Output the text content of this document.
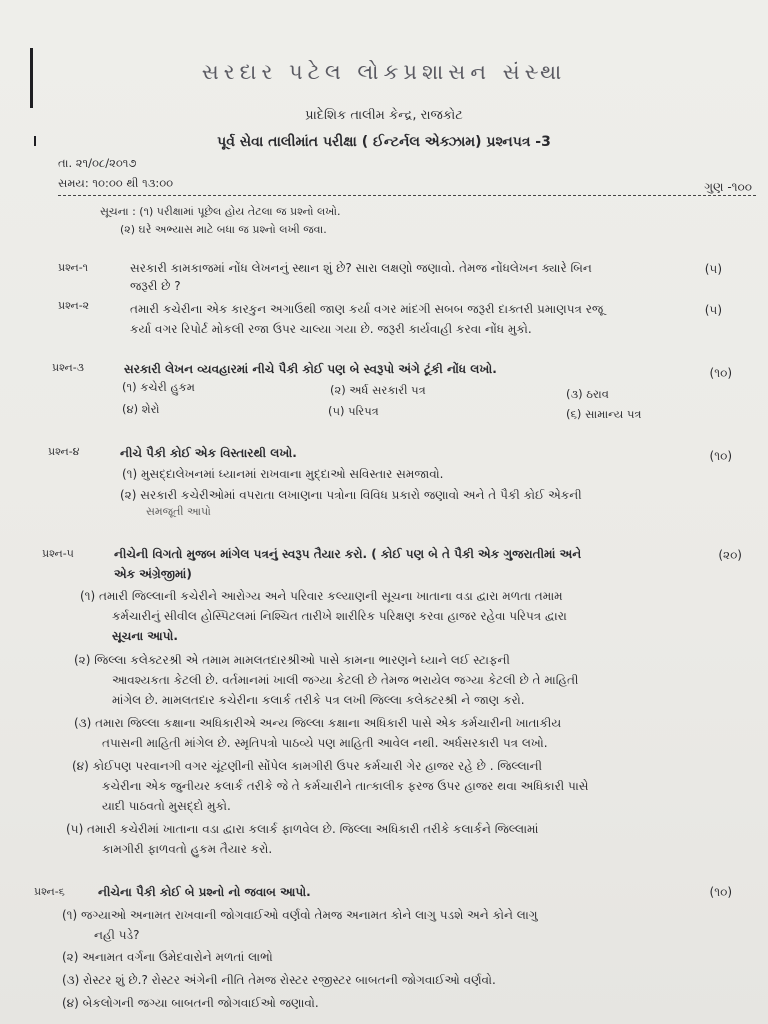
સરદાર પટેલ લોકપ્રશાસન સંસ્થા
પ્રાદેશિક તાલીમ કેન્દ્ર, રાજકોટ
પૂર્વ સેવા તાલીમાંત પરીક્ષા ( ઈન્ટર્નલ એક્ઝામ) પ્રશ્નપત્ર -3
તા. ૨૧/૦૮/૨૦૧૭
સમય: ૧૦:૦૦ થી ૧૩:૦૦	ગુણ -૧૦૦
સૂચના : (૧) પરીક્ષામાં પૂછેલ હોય તેટલા જ પ્રશ્નો લખો.
(૨) ઘરે અભ્યાસ માટે બધા જ પ્રશ્નો લખી જવા.
પ્રશ્ન-૧	સરકારી કામકાજમાં નોંધ લેખનનું સ્થાન શું છે? સારા લક્ષણો જણાવો. તેમજ નોંધલેખન ક્યારે બિન
જરૂરી છે ?
(૫)
પ્રશ્ન-૨	તમારી કચેરીના એક કારકુન અગાઉથી જાણ કર્યા વગર માંદગી સબબ જરૂરી દાક્તરી પ્રમાણપત્ર રજૂ
કર્યા વગર રિપોર્ટ મોકલી રજા ઉપર ચાલ્યા ગયા છે. જરૂરી કાર્યવાહી કરવા નોંધ મુકો.
(૫)
પ્રશ્ન-૩	સરકારી લેખન વ્યવહારમાં નીચે પૈકી કોઈ પણ બે સ્વરૂપો અંગે ટૂંકી નોંધ લખો.	(૧૦)
(૧) કચેરી હુકમ	(૨) અર્ધ સરકારી પત્ર	(૩) ઠરાવ
(૪) શેરો	(૫) પરિપત્ર	(૬) સામાન્ય પત્ર
પ્રશ્ન-૪	નીચે પૈકી કોઈ એક વિસ્તારથી લખો.	(૧૦)
(૧) મુસદ્દાલેખનમાં ધ્યાનમાં રાખવાના મુદ્દાઓ સવિસ્તાર સમજાવો.
(૨) સરકારી કચેરીઓમાં વપરાતા લખાણના પત્રોના વિવિધ પ્રકારો જણાવો અને તે પૈકી કોઈ એકની
સમજૂતી આપો
પ્રશ્ન-૫	નીચેની વિગતો મુજબ માંગેલ પત્રનું સ્વરૂપ તૈયાર કરો. ( કોઈ પણ બે તે પૈકી એક ગુજરાતીમાં અને
એક અંગ્રેજીમાં)
(૨૦)
(૧) તમારી જિલ્લાની કચેરીને આરોગ્ય અને પરિવાર કલ્યાણની સૂચના ખાતાના વડા દ્વારા મળતા તમામ
કર્મચારીનું સીવીલ હોસ્પિટલમાં નિશ્ચિત તારીખે શારીરિક પરિક્ષણ કરવા હાજર રહેવા પરિપત્ર દ્વારા
સૂચના આપો.
(૨) જિલ્લા કલેક્ટરશ્રી એ તમામ મામલતદારશ્રીઓ પાસે કામના ભારણને ધ્યાને લઈ સ્ટાફની
આવશ્યકતા કેટલી છે. વર્તમાનમાં ખાલી જગ્યા કેટલી છે તેમજ ભરાયેલ જગ્યા કેટલી છે તે માહિતી
માંગેલ છે. મામલતદાર કચેરીના કલાર્ક તરીકે પત્ર લખી જિલ્લા કલેક્ટરશ્રી ને જાણ કરો.
(૩) તમારા જિલ્લા કક્ષાના અધિકારીએ અન્ય જિલ્લા કક્ષાના અધિકારી પાસે એક કર્મચારીની ખાતાકીય
તપાસની માહિતી માંગેલ છે. સ્મૃતિપત્રો પાઠવ્યે પણ માહિતી આવેલ નથી. અર્ધસરકારી પત્ર લખો.
(૪) કોઈપણ પરવાનગી વગર ચૂંટણીની સોંપેલ કામગીરી ઉપર કર્મચારી ગેર હાજર રહે છે . જિલ્લાની
કચેરીના એક જુનીયર કલાર્ક તરીકે જે તે કર્મચારીને તાત્કાલીક ફરજ ઉપર હાજર થવા અધિકારી પાસે
યાદી પાઠવતો મુસદ્દો મુકો.
(૫) તમારી કચેરીમાં ખાતાના વડા દ્વારા કલાર્ક ફાળવેલ છે. જિલ્લા અધિકારી તરીકે કલાર્કને જિલ્લામાં
કામગીરી ફાળવતો હુકમ તૈયાર કરો.
પ્રશ્ન-૬	નીચેના પૈકી કોઈ બે પ્રશ્નો નો જવાબ આપો.	(૧૦)
(૧) જગ્યાઓ અનામત રાખવાની જોગવાઈઓ વર્ણવો તેમજ અનામત કોને લાગુ પડશે અને કોને લાગુ
નહી પડે?
(૨) અનામત વર્ગના ઉમેદવારોને મળતાં લાભો
(૩) રોસ્ટર શું છે.? રોસ્ટર અંગેની નીતિ તેમજ રોસ્ટર રજીસ્ટર બાબતની જોગવાઈઓ વર્ણવો.
(૪) બેકલોગની જગ્યા બાબતની જોગવાઈઓ જણાવો.
